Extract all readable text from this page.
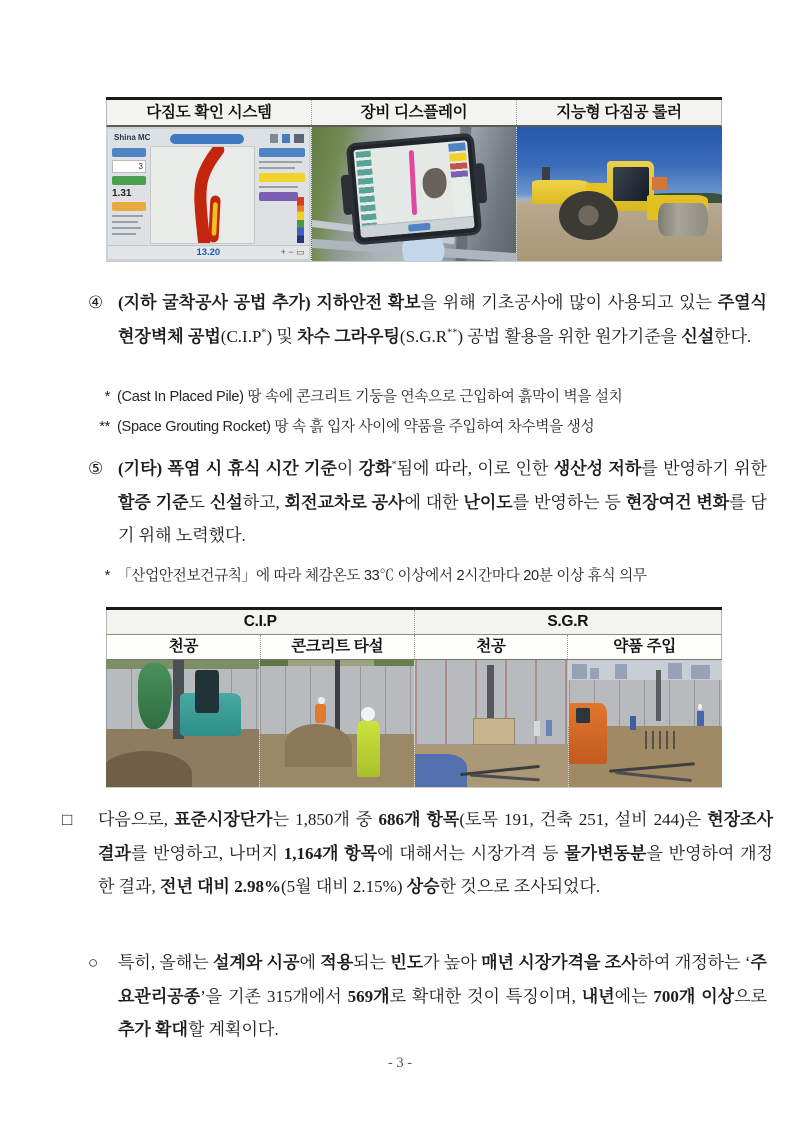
다짐도 확인 시스템	장비 디스플레이	지능형 다짐공 롤러
Shina MC
3
1.31
13.20	+ − ▭
④ (지하 굴착공사 공법 추가) 지하안전 확보을 위해 기초공사에 많이 사용되고 있는 주열식 현장벽체 공법(C.I.P*) 및 차수 그라우팅(S.G.R**) 공법 활용을 위한 원가기준을 신설한다.
* (Cast In Placed Pile) 땅 속에 콘크리트 기둥을 연속으로 근입하여 흙막이 벽을 설치
** (Space Grouting Rocket) 땅 속 흙 입자 사이에 약품을 주입하여 차수벽을 생성
⑤ (기타) 폭염 시 휴식 시간 기준이 강화*됨에 따라, 이로 인한 생산성 저하를 반영하기 위한 할증 기준도 신설하고, 회전교차로 공사에 대한 난이도를 반영하는 등 현장여건 변화를 담기 위해 노력했다.
* 「산업안전보건규칙」에 따라 체감온도 33℃ 이상에서 2시간마다 20분 이상 휴식 의무
C.I.P	S.G.R
천공	콘크리트 타설	천공	약품 주입
□ 다음으로, 표준시장단가는 1,850개 중 686개 항목(토목 191, 건축 251, 설비 244)은 현장조사 결과를 반영하고, 나머지 1,164개 항목에 대해서는 시장가격 등 물가변동분을 반영하여 개정한 결과, 전년 대비 2.98%(5월 대비 2.15%) 상승한 것으로 조사되었다.
○ 특히, 올해는 설계와 시공에 적용되는 빈도가 높아 매년 시장가격을 조사하여 개정하는 ‘주요관리공종’을 기존 315개에서 569개로 확대한 것이 특징이며, 내년에는 700개 이상으로 추가 확대할 계획이다.
- 3 -
